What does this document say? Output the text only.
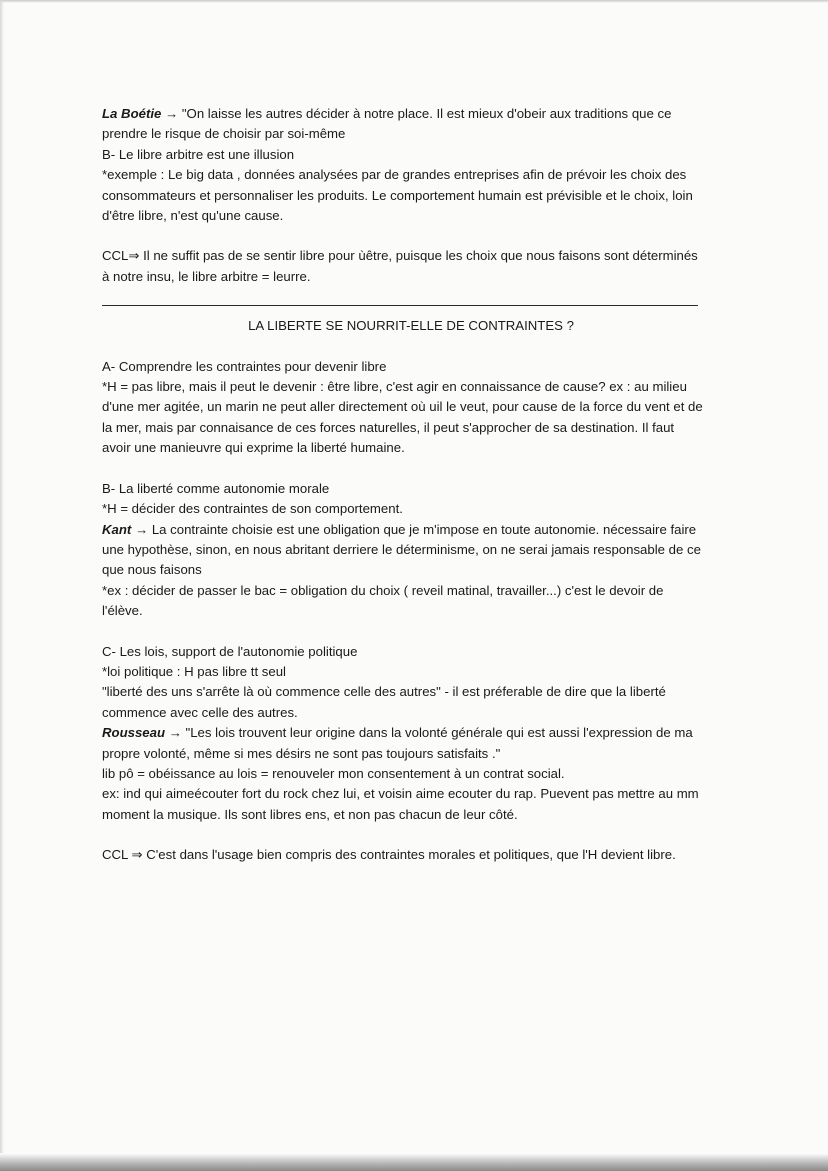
La Boétie → "On laisse les autres décider à notre place. Il est mieux d'obeir aux traditions que ce prendre le risque de choisir par soi-même

B- Le libre arbitre est une illusion

*exemple : Le big data , données analysées par de grandes entreprises afin de prévoir les choix des consommateurs et personnaliser les produits. Le comportement humain est prévisible et le choix, loin d'être libre, n'est qu'une cause.

CCL⇒ Il ne suffit pas de se sentir libre pour ùêtre, puisque les choix que nous faisons sont déterminés à notre insu, le libre arbitre = leurre.

LA LIBERTE SE NOURRIT-ELLE DE CONTRAINTES ?

A- Comprendre les contraintes pour devenir libre

*H = pas libre, mais il peut le devenir : être libre, c'est agir en connaissance de cause? ex : au milieu d'une mer agitée, un marin ne peut aller directement où uil le veut, pour cause de la force du vent et de la mer, mais par connaisance de ces forces naturelles, il peut s'approcher de sa destination. Il faut avoir une manieuvre qui exprime la liberté humaine.

B- La liberté comme autonomie morale

*H = décider des contraintes de son comportement.

Kant → La contrainte choisie est une obligation que je m'impose en toute autonomie. nécessaire faire une hypothèse, sinon, en nous abritant derriere le déterminisme, on ne serai jamais responsable de ce que nous faisons

*ex : décider de passer le bac = obligation du choix ( reveil matinal, travailler...) c'est le devoir de l'élève.

C- Les lois, support de l'autonomie politique

*loi politique : H pas libre tt seul

"liberté des uns s'arrête là où commence celle des autres" - il est préferable de dire que la liberté commence avec celle des autres.

Rousseau → "Les lois trouvent leur origine dans la volonté générale qui est aussi l'expression de ma propre volonté, même si mes désirs ne sont pas toujours satisfaits ."

lib pô = obéissance au lois = renouveler mon consentement à un contrat social.

ex: ind qui aimeécouter fort du rock chez lui, et voisin aime ecouter du rap. Puevent pas mettre au mm moment la musique. Ils sont libres ens, et non pas chacun de leur côté.

CCL ⇒ C'est dans l'usage bien compris des contraintes morales et politiques, que l'H devient libre.
